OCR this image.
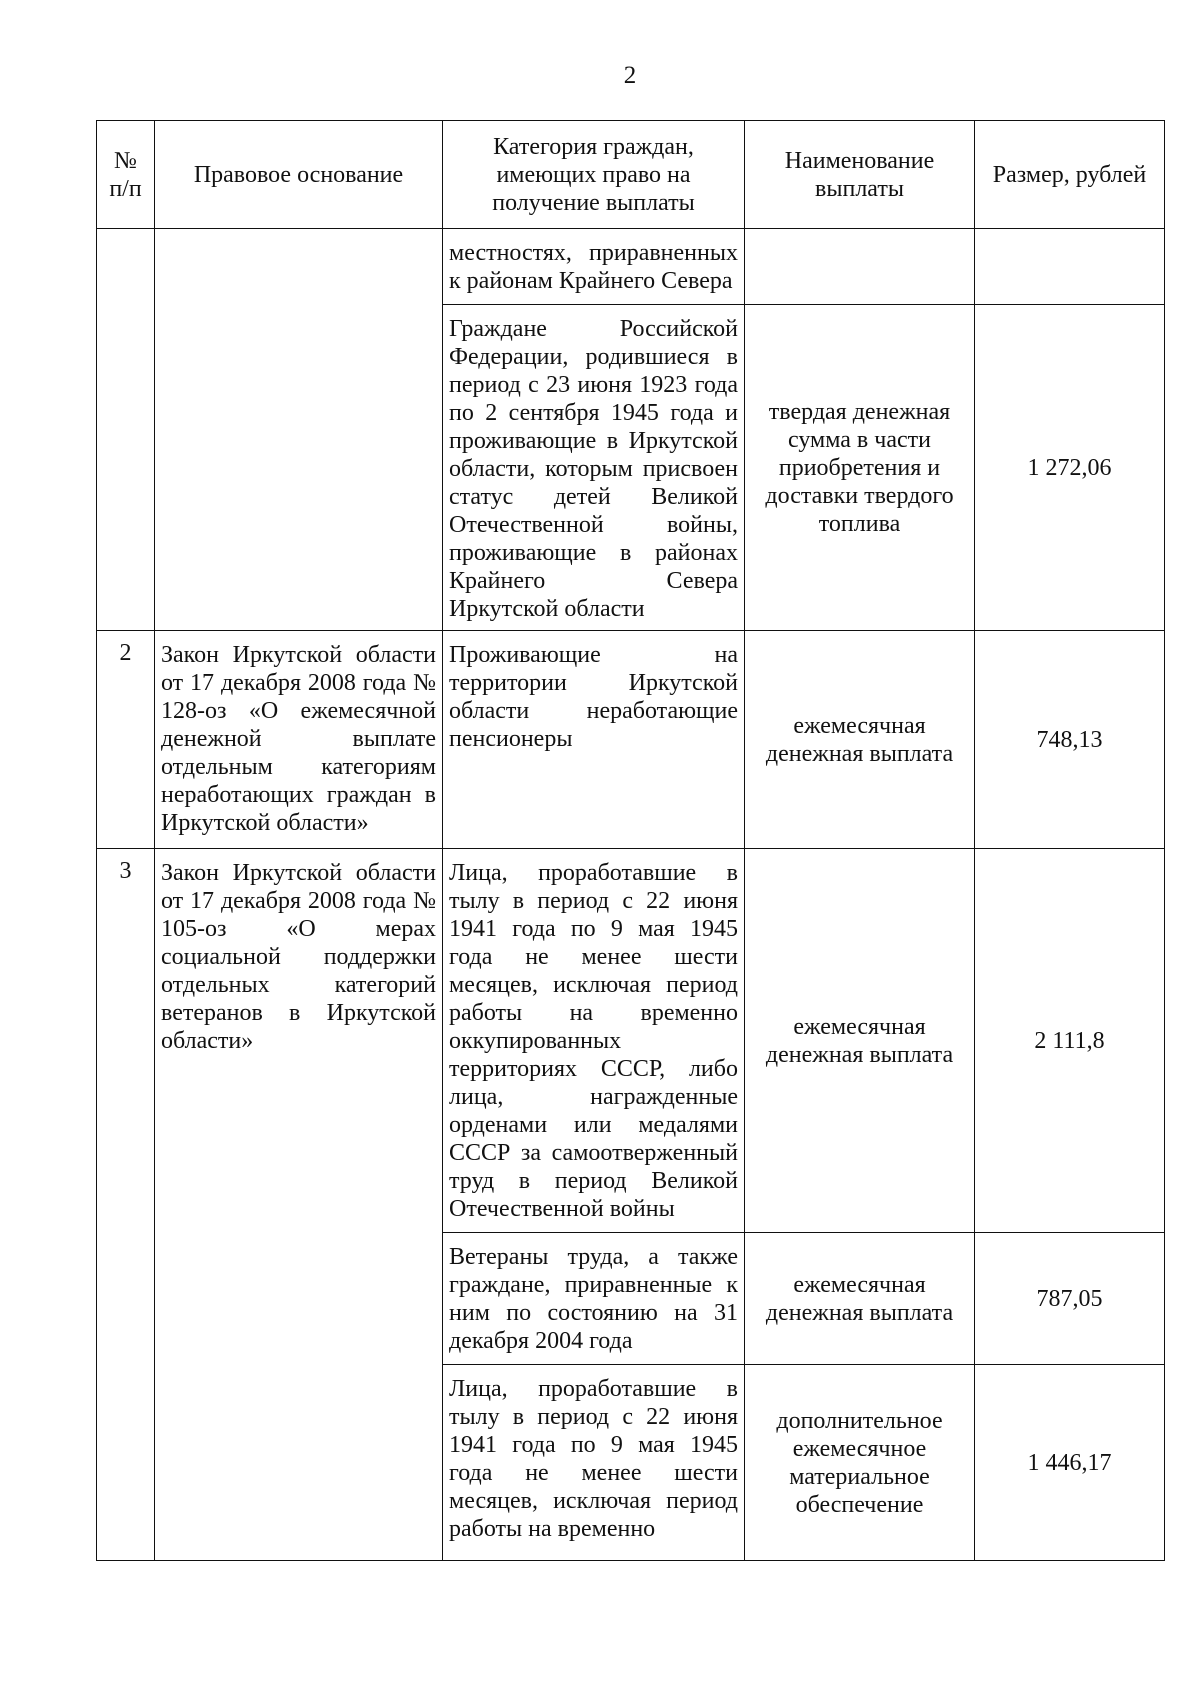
2
№ п/п	Правовое основание	Категория граждан, имеющих право на получение выплаты	Наименование выплаты	Размер, рублей
		местностях, приравненных к районам Крайнего Севера		
		Граждане Российской Федерации, родившиеся в период с 23 июня 1923 года по 2 сентября 1945 года и проживающие в Иркутской области, которым присвоен статус детей Великой Отечественной войны, проживающие в районах Крайнего Севера Иркутской области	твердая денежная сумма в части приобретения и доставки твердого топлива	1 272,06
2	Закон Иркутской области от 17 декабря 2008 года № 128-оз «О ежемесячной денежной выплате отдельным категориям неработающих граждан в Иркутской области»	Проживающие на территории Иркутской области неработающие пенсионеры	ежемесячная денежная выплата	748,13
3	Закон Иркутской области от 17 декабря 2008 года № 105-оз «О мерах социальной поддержки отдельных категорий ветеранов в Иркутской области»	Лица, проработавшие в тылу в период с 22 июня 1941 года по 9 мая 1945 года не менее шести месяцев, исключая период работы на временно оккупированных территориях СССР, либо лица, награжденные орденами или медалями СССР за самоотверженный труд в период Великой Отечественной войны	ежемесячная денежная выплата	2 111,8
		Ветераны труда, а также граждане, приравненные к ним по состоянию на 31 декабря 2004 года	ежемесячная денежная выплата	787,05
		Лица, проработавшие в тылу в период с 22 июня 1941 года по 9 мая 1945 года не менее шести месяцев, исключая период работы на временно	дополнительное ежемесячное материальное обеспечение	1 446,17
